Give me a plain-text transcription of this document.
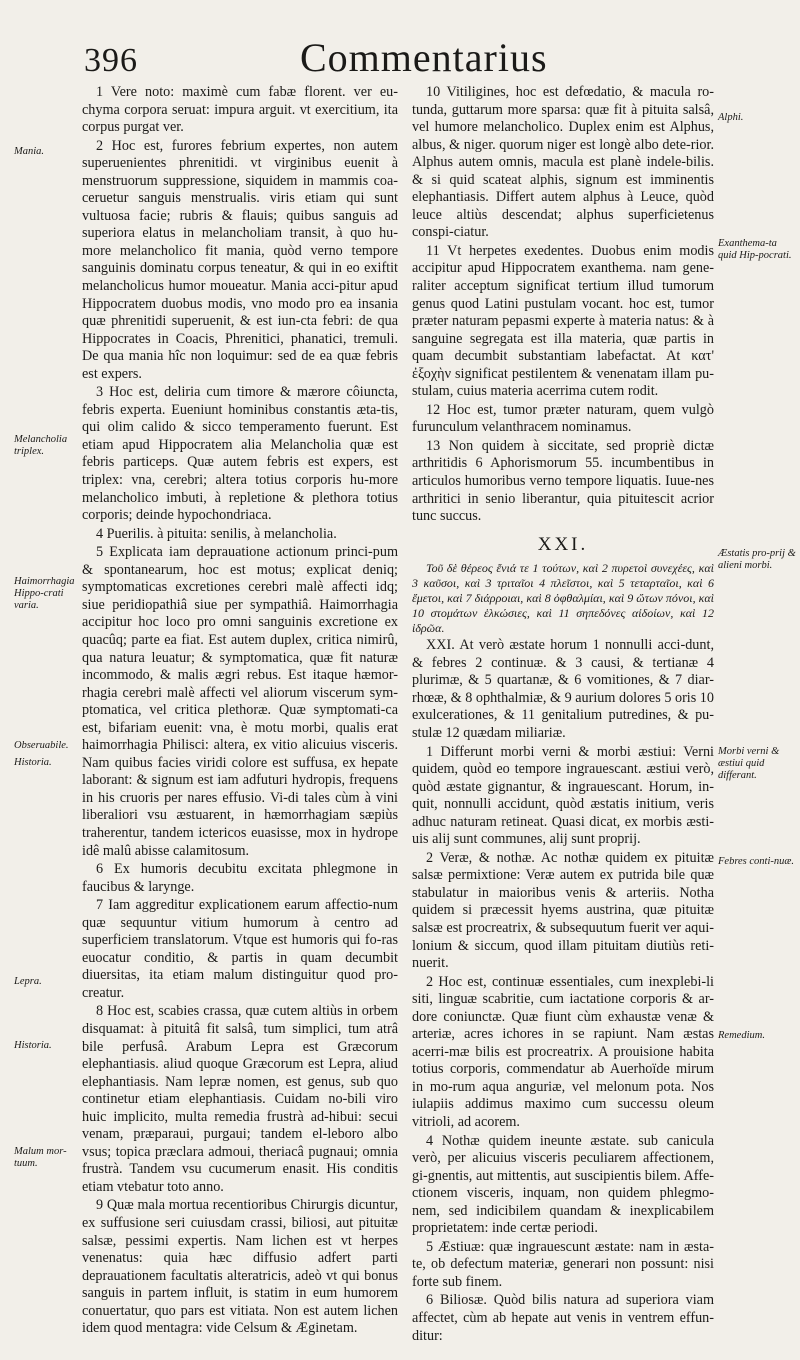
396	Commentarius

1 Vere noto: maximè cum fabæ florent. ver eu-chyma corpora seruat: impura arguit. vt exercitium, ita corpus purgat ver.

2 Hoc est, furores febrium expertes, non autem superuenientes phrenitidi. vt virginibus euenit à menstruorum suppressione, siquidem in mammis coa-ceruetur sanguis menstrualis. viris etiam qui sunt vultuosa facie; rubris & flauis; quibus sanguis ad superiora elatus in melancholiam transit, à quo hu-more melancholico fit mania, quòd verno tempore sanguinis dominatu corpus teneatur, & qui in eo exiftit melancholicus humor moueatur. Mania acci-pitur apud Hippocratem duobus modis, vno modo pro ea insania quæ phrenitidi superuenit, & est iun-cta febri: de qua Hippocrates in Coacis, Phrenitici, phanatici, tremuli. De qua mania hîc non loquimur: sed de ea quæ febris est expers.

3 Hoc est, deliria cum timore & mærore côiuncta, febris experta. Eueniunt hominibus constantis æta-tis, qui olim calido & sicco temperamento fuerunt. Est etiam apud Hippocratem alia Melancholia quæ est febris particeps. Quæ autem febris est expers, est triplex: vna, cerebri; altera totius corporis hu-more melancholico imbuti, à repletione & plethora totius corporis; deinde hypochondriaca.

4 Puerilis. à pituita: senilis, à melancholia.

5 Explicata iam deprauatione actionum princi-pum & spontanearum, hoc est motus; explicat deniq; symptomaticas excretiones cerebri malè affecti idq; siue peridiopathiâ siue per sympathiâ. Haimorrhagia accipitur hoc loco pro omni sanguinis excretione ex quacûq; parte ea fiat. Est autem duplex, critica nimirû, qua natura leuatur; & symptomatica, quæ fit naturæ incommodo, & malis ægri rebus. Est itaque hæmor-rhagia cerebri malè affecti vel aliorum viscerum sym-ptomatica, vel critica plethoræ. Quæ symptomati-ca est, bifariam euenit: vna, è motu morbi, qualis erat haimorrhagia Philisci: altera, ex vitio alicuius visceris. Nam quibus facies viridi colore est suffusa, ex hepate laborant: & signum est iam adfuturi hydropis, frequens in his cruoris per nares effusio. Vi-di tales cùm à vini liberaliori vsu æstuarent, in hæmorrhagiam sæpiùs traherentur, tandem ictericos euasisse, mox in hydrope idê malû abisse calamitosum.

6 Ex humoris decubitu excitata phlegmone in faucibus & larynge.

7 Iam aggreditur explicationem earum affectio-num quæ sequuntur vitium humorum à centro ad superficiem translatorum. Vtque est humoris qui fo-ras euocatur conditio, & partis in quam decumbit diuersitas, ita etiam malum distinguitur quod pro-creatur.

8 Hoc est, scabies crassa, quæ cutem altiùs in orbem disquamat: à pituitâ fit salsâ, tum simplici, tum atrâ bile perfusâ. Arabum Lepra est Græcorum elephantiasis. aliud quoque Græcorum est Lepra, aliud elephantiasis. Nam lepræ nomen, est genus, sub quo continetur etiam elephantiasis. Cuidam no-bili viro huic implicito, multa remedia frustrà ad-hibui: secui venam, præparaui, purgaui; tandem el-leboro albo vsus; topica præclara admoui, theriacâ pugnaui; omnia frustrà. Tandem vsu cucumerum enasit. His conditis etiam vtebatur toto anno.

9 Quæ mala mortua recentioribus Chirurgis dicuntur, ex suffusione seri cuiusdam crassi, biliosi, aut pituitæ salsæ, pessimi expertis. Nam lichen est vt herpes venenatus: quia hæc diffusio adfert parti deprauationem facultatis alteratricis, adeò vt qui bonus sanguis in partem influit, is statim in eum humorem conuertatur, quo pars est vitiata. Non est autem lichen idem quod mentagra: vide Celsum & Æginetam.

10 Vitiligines, hoc est defœdatio, & macula ro-tunda, guttarum more sparsa: quæ fit à pituita salsâ, vel humore melancholico. Duplex enim est Alphus, albus, & niger. quorum niger est longè albo dete-rior. Alphus autem omnis, macula est planè indele-bilis. & si quid scateat alphis, signum est imminentis elephantiasis. Differt autem alphus à Leuce, quòd leuce altiùs descendat; alphus superficietenus conspi-ciatur.

11 Vt herpetes exedentes. Duobus enim modis accipitur apud Hippocratem exanthema. nam gene-raliter acceptum significat tertium illud tumorum genus quod Latini pustulam vocant. hoc est, tumor præter naturam pepasmi experte à materia natus: & à sanguine segregata est illa materia, quæ partis in quam decumbit substantiam labefactat. At κατ' ἐξοχὴν significat pestilentem & venenatam illam pu-stulam, cuius materia acerrima cutem rodit.

12 Hoc est, tumor præter naturam, quem vulgò furunculum velanthracem nominamus.

13 Non quidem à siccitate, sed propriè dictæ arthritidis 6 Aphorismorum 55. incumbentibus in articulos humoribus verno tempore liquatis. Iuue-nes arthritici in senio liberantur, quia pituitescit acrior tunc succus.

XXI.

Τοῦ δὲ θέρεος ἔνιά τε 1 τούτων, καὶ 2 πυρετοὶ συνεχέες, καὶ 3 καῦσοι, καὶ 3 τριταῖοι 4 πλεῖστοι, καὶ 5 τεταρταῖοι, καὶ 6 ἔμετοι, καὶ 7 διάρροιαι, καὶ 8 ὀφθαλμίαι, καὶ 9 ὤτων πόνοι, καὶ 10 στομάτων ἑλκώσιες, καὶ 11 σηπεδόνες αἰδοίων, καὶ 12 ἱδρῶα.

XXI. At verò æstate horum 1 nonnulli acci-dunt, & febres 2 continuæ. & 3 causi, & tertianæ 4 plurimæ, & 5 quartanæ, & 6 vomitiones, & 7 diar-rhœæ, & 8 ophthalmiæ, & 9 aurium dolores 5 oris 10 exulcerationes, & 11 genitalium putredines, & pu-stulæ 12 quædam miliariæ.

1 Differunt morbi verni & morbi æstiui: Verni quidem, quòd eo tempore ingrauescant. æstiui verò, quòd æstate gignantur, & ingrauescant. Horum, in-quit, nonnulli accidunt, quòd æstatis initium, veris adhuc naturam retineat. Quasi dicat, ex morbis æsti-uis alij sunt communes, alij sunt proprij.

2 Veræ, & nothæ. Ac nothæ quidem ex pituitæ salsæ permixtione: Veræ autem ex putrida bile quæ stabulatur in maioribus venis & arteriis. Notha quidem si præcessit hyems austrina, quæ pituitæ salsæ est procreatrix, & subsequutum fuerit ver aqui-lonium & siccum, quod illam pituitam diutiùs reti-nuerit.

2 Hoc est, continuæ essentiales, cum inexplebi-li siti, linguæ scabritie, cum iactatione corporis & ar-dore coniunctæ. Quæ fiunt cùm exhaustæ venæ & arteriæ, acres ichores in se rapiunt. Nam æstas acerri-mæ bilis est procreatrix. A prouisione habita totius corporis, commendatur ab Auerhoïde mirum in mo-rum aqua anguriæ, vel melonum pota. Nos iulapiis addimus maximo cum successu oleum vitrioli, ad acorem.

4 Nothæ quidem ineunte æstate. sub canicula verò, per alicuius visceris peculiarem affectionem, gi-gnentis, aut mittentis, aut suscipientis bilem. Affe-ctionem visceris, inquam, non quidem phlegmo-nem, sed indicibilem quandam & inexplicabilem proprietatem: inde certæ periodi.

5 Æstiuæ: quæ ingrauescunt æstate: nam in æsta-te, ob defectum materiæ, generari non possunt: nisi forte sub finem.

6 Biliosæ. Quòd bilis natura ad superiora viam affectet, cùm ab hepate aut venis in ventrem effun-ditur:

Mania.
Melancholia triplex.
Haimorrhagia Hippo-crati varia.
Obseruabile.
Historia.
Lepra.
Historia.
Malum mor-tuum.
Alphi.
Exanthema-ta quid Hip-pocrati.
Æstatis pro-prij & alieni morbi.
Morbi verni & æstiui quid differant.
Febres conti-nuæ.
Remedium.
